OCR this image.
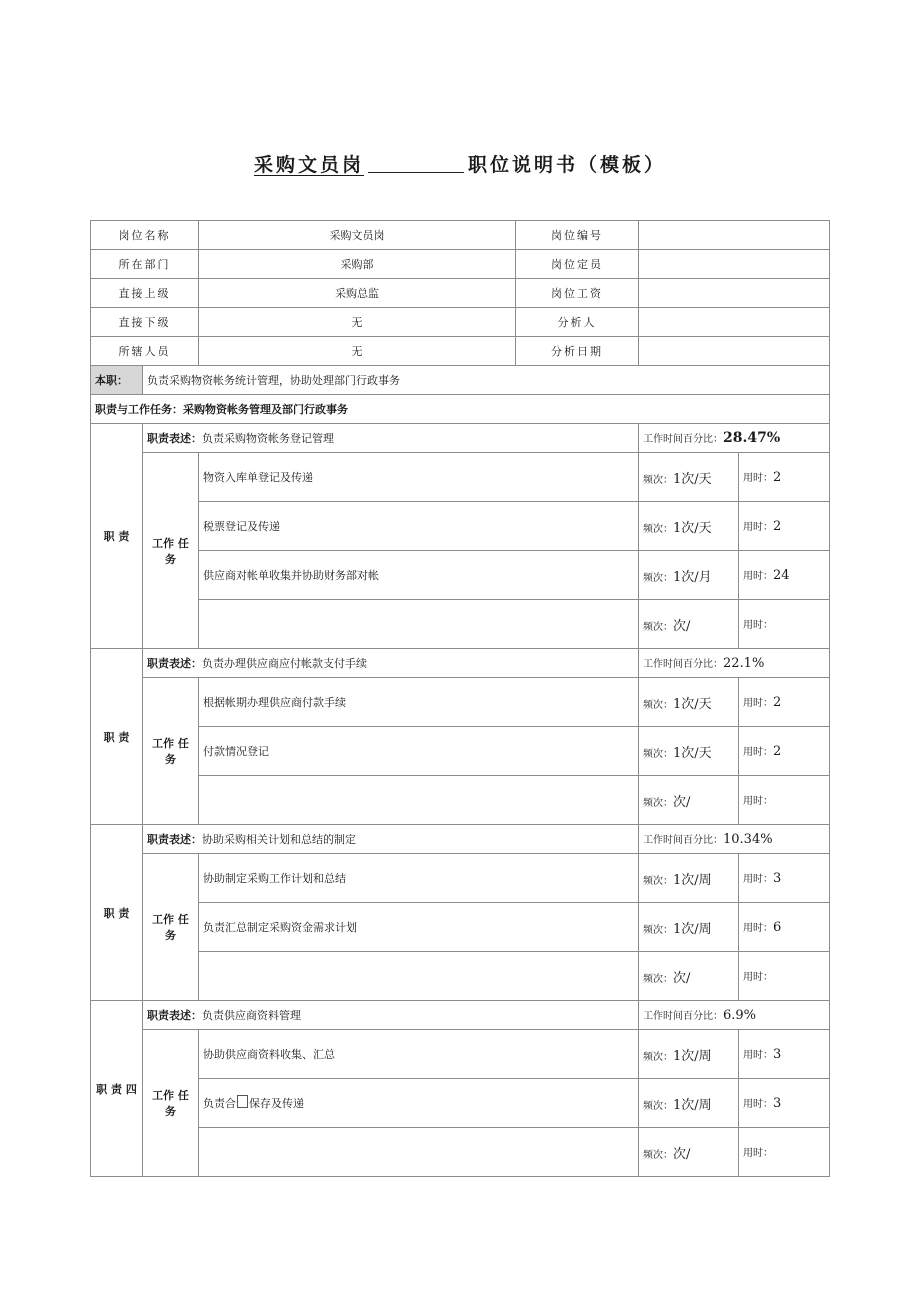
采购文员岗	职位说明书（模板）
岗位名称		采购文员岗	岗位编号		
所在部门		采购部	岗位定员		
直接上级		采购总监	岗位工资		
直接下级		无	分析人		
所辖人员		无	分析日期		
本职：	负责采购物资帐务统计管理，协助处理部门行政事务				
职责与工作任务：采购物资帐务管理及部门行政事务					
职 责	职责表述：负责采购物资帐务登记管理			工作时间百分比：28.47%	
	工作 任务	物资入库单登记及传递		频次：1次/天	用时：2
		税票登记及传递		频次：1次/天	用时：2
		供应商对帐单收集并协助财务部对帐		频次：1次/月	用时：24
				频次：次/	用时：
职 责	职责表述：负责办理供应商应付帐款支付手续			工作时间百分比：22.1%	
	工作 任务	根据帐期办理供应商付款手续		频次：1次/天	用时：2
		付款情况登记		频次：1次/天	用时：2
				频次：次/	用时：
职 责	职责表述：协助采购相关计划和总结的制定			工作时间百分比：10.34%	
	工作 任务	协助制定采购工作计划和总结		频次：1次/周	用时：3
		负责汇总制定采购资金需求计划		频次：1次/周	用时：6
				频次：次/	用时：
职 责 四	职责表述：负责供应商资料管理			工作时间百分比：6.9%	
	工作 任务	协助供应商资料收集、汇总		频次：1次/周	用时：3
		负责合 保存及传递		频次：1次/周	用时：3
				频次：次/	用时：
